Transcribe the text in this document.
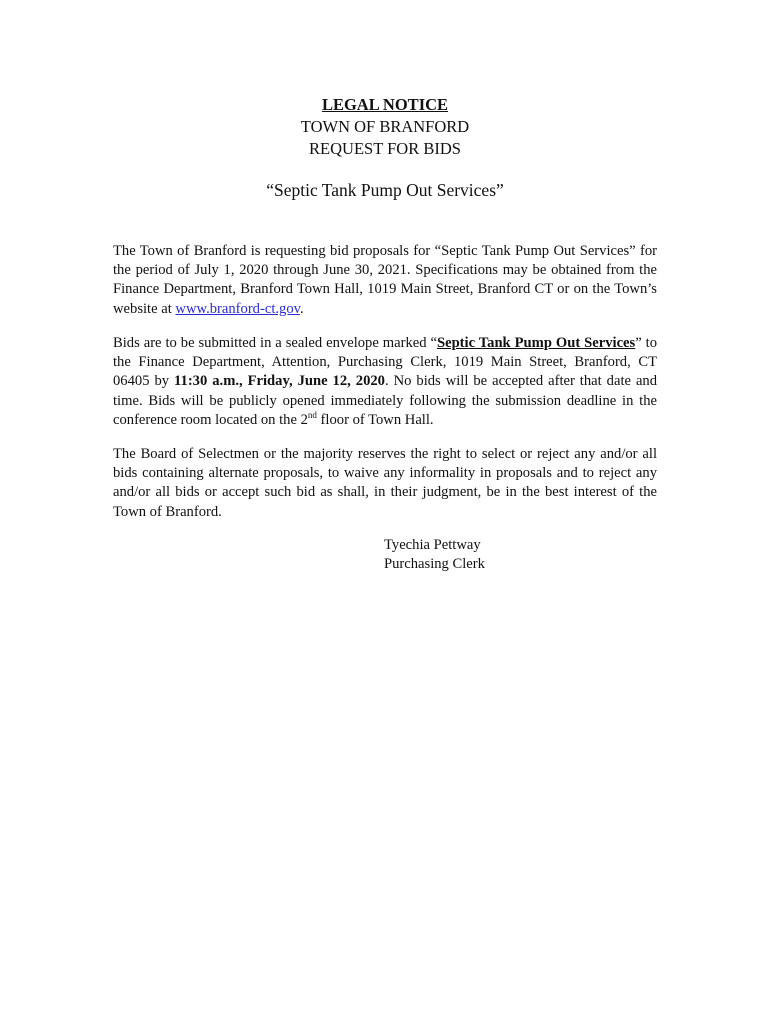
LEGAL NOTICE
TOWN OF BRANFORD
REQUEST FOR BIDS
“Septic Tank Pump Out Services”

The Town of Branford is requesting bid proposals for “Septic Tank Pump Out Services” for the period of July 1, 2020 through June 30, 2021. Specifications may be obtained from the Finance Department, Branford Town Hall, 1019 Main Street, Branford CT or on the Town’s website at www.branford-ct.gov.

Bids are to be submitted in a sealed envelope marked “Septic Tank Pump Out Services” to the Finance Department, Attention, Purchasing Clerk, 1019 Main Street, Branford, CT 06405 by 11:30 a.m., Friday, June 12, 2020. No bids will be accepted after that date and time. Bids will be publicly opened immediately following the submission deadline in the conference room located on the 2nd floor of Town Hall.

The Board of Selectmen or the majority reserves the right to select or reject any and/or all bids containing alternate proposals, to waive any informality in proposals and to reject any and/or all bids or accept such bid as shall, in their judgment, be in the best interest of the Town of Branford.

Tyechia Pettway
Purchasing Clerk
